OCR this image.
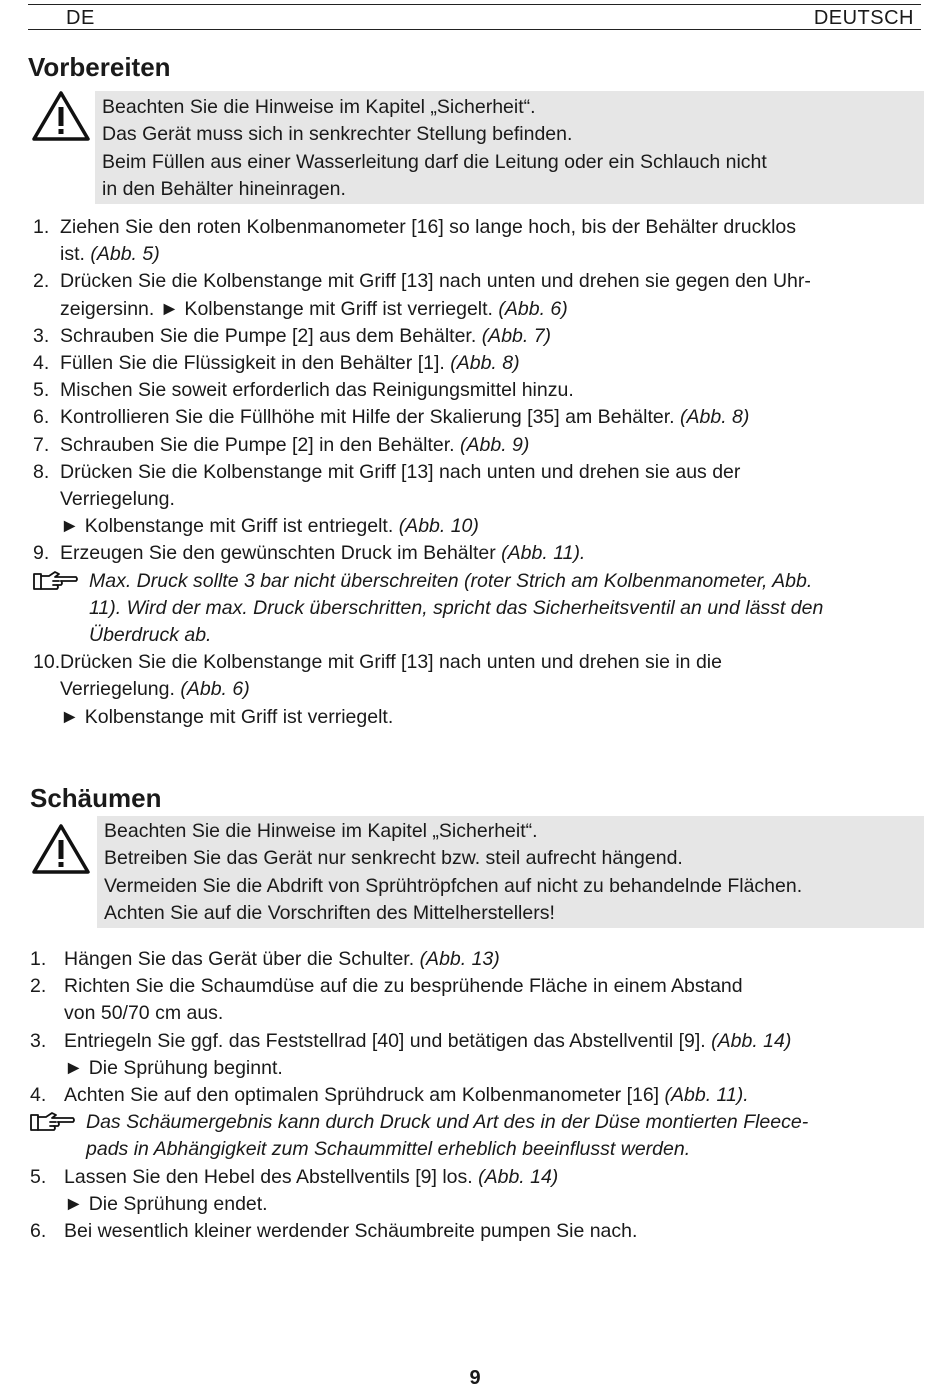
DE	DEUTSCH
Vorbereiten
Beachten Sie die Hinweise im Kapitel „Sicherheit“.
Das Gerät muss sich in senkrechter Stellung befinden.
Beim Füllen aus einer Wasserleitung darf die Leitung oder ein Schlauch nicht
in den Behälter hineinragen.
1. Ziehen Sie den roten Kolbenmanometer [16] so lange hoch, bis der Behälter drucklos
ist. (Abb. 5)
2. Drücken Sie die Kolbenstange mit Griff [13] nach unten und drehen sie gegen den Uhr-
zeigersinn. ► Kolbenstange mit Griff ist verriegelt. (Abb. 6)
3. Schrauben Sie die Pumpe [2] aus dem Behälter. (Abb. 7)
4. Füllen Sie die Flüssigkeit in den Behälter [1]. (Abb. 8)
5. Mischen Sie soweit erforderlich das Reinigungsmittel hinzu.
6. Kontrollieren Sie die Füllhöhe mit Hilfe der Skalierung [35] am Behälter. (Abb. 8)
7. Schrauben Sie die Pumpe [2] in den Behälter. (Abb. 9)
8. Drücken Sie die Kolbenstange mit Griff [13] nach unten und drehen sie aus der
Verriegelung.
► Kolbenstange mit Griff ist entriegelt. (Abb. 10)
9. Erzeugen Sie den gewünschten Druck im Behälter (Abb. 11).
Max. Druck sollte 3 bar nicht überschreiten (roter Strich am Kolbenmanometer, Abb.
11). Wird der max. Druck überschritten, spricht das Sicherheitsventil an und lässt den
Überdruck ab.
10. Drücken Sie die Kolbenstange mit Griff [13] nach unten und drehen sie in die
Verriegelung. (Abb. 6)
► Kolbenstange mit Griff ist verriegelt.
Schäumen
Beachten Sie die Hinweise im Kapitel „Sicherheit“.
Betreiben Sie das Gerät nur senkrecht bzw. steil aufrecht hängend.
Vermeiden Sie die Abdrift von Sprühtröpfchen auf nicht zu behandelnde Flächen.
Achten Sie auf die Vorschriften des Mittelherstellers!
1. Hängen Sie das Gerät über die Schulter. (Abb. 13)
2. Richten Sie die Schaumdüse auf die zu besprühende Fläche in einem Abstand
von 50/70 cm aus.
3. Entriegeln Sie ggf. das Feststellrad [40] und betätigen das Abstellventil [9]. (Abb. 14)
► Die Sprühung beginnt.
4. Achten Sie auf den optimalen Sprühdruck am Kolbenmanometer [16] (Abb. 11).
Das Schäumergebnis kann durch Druck und Art des in der Düse montierten Fleece-
pads in Abhängigkeit zum Schaummittel erheblich beeinflusst werden.
5. Lassen Sie den Hebel des Abstellventils [9] los. (Abb. 14)
► Die Sprühung endet.
6. Bei wesentlich kleiner werdender Schäumbreite pumpen Sie nach.
9
